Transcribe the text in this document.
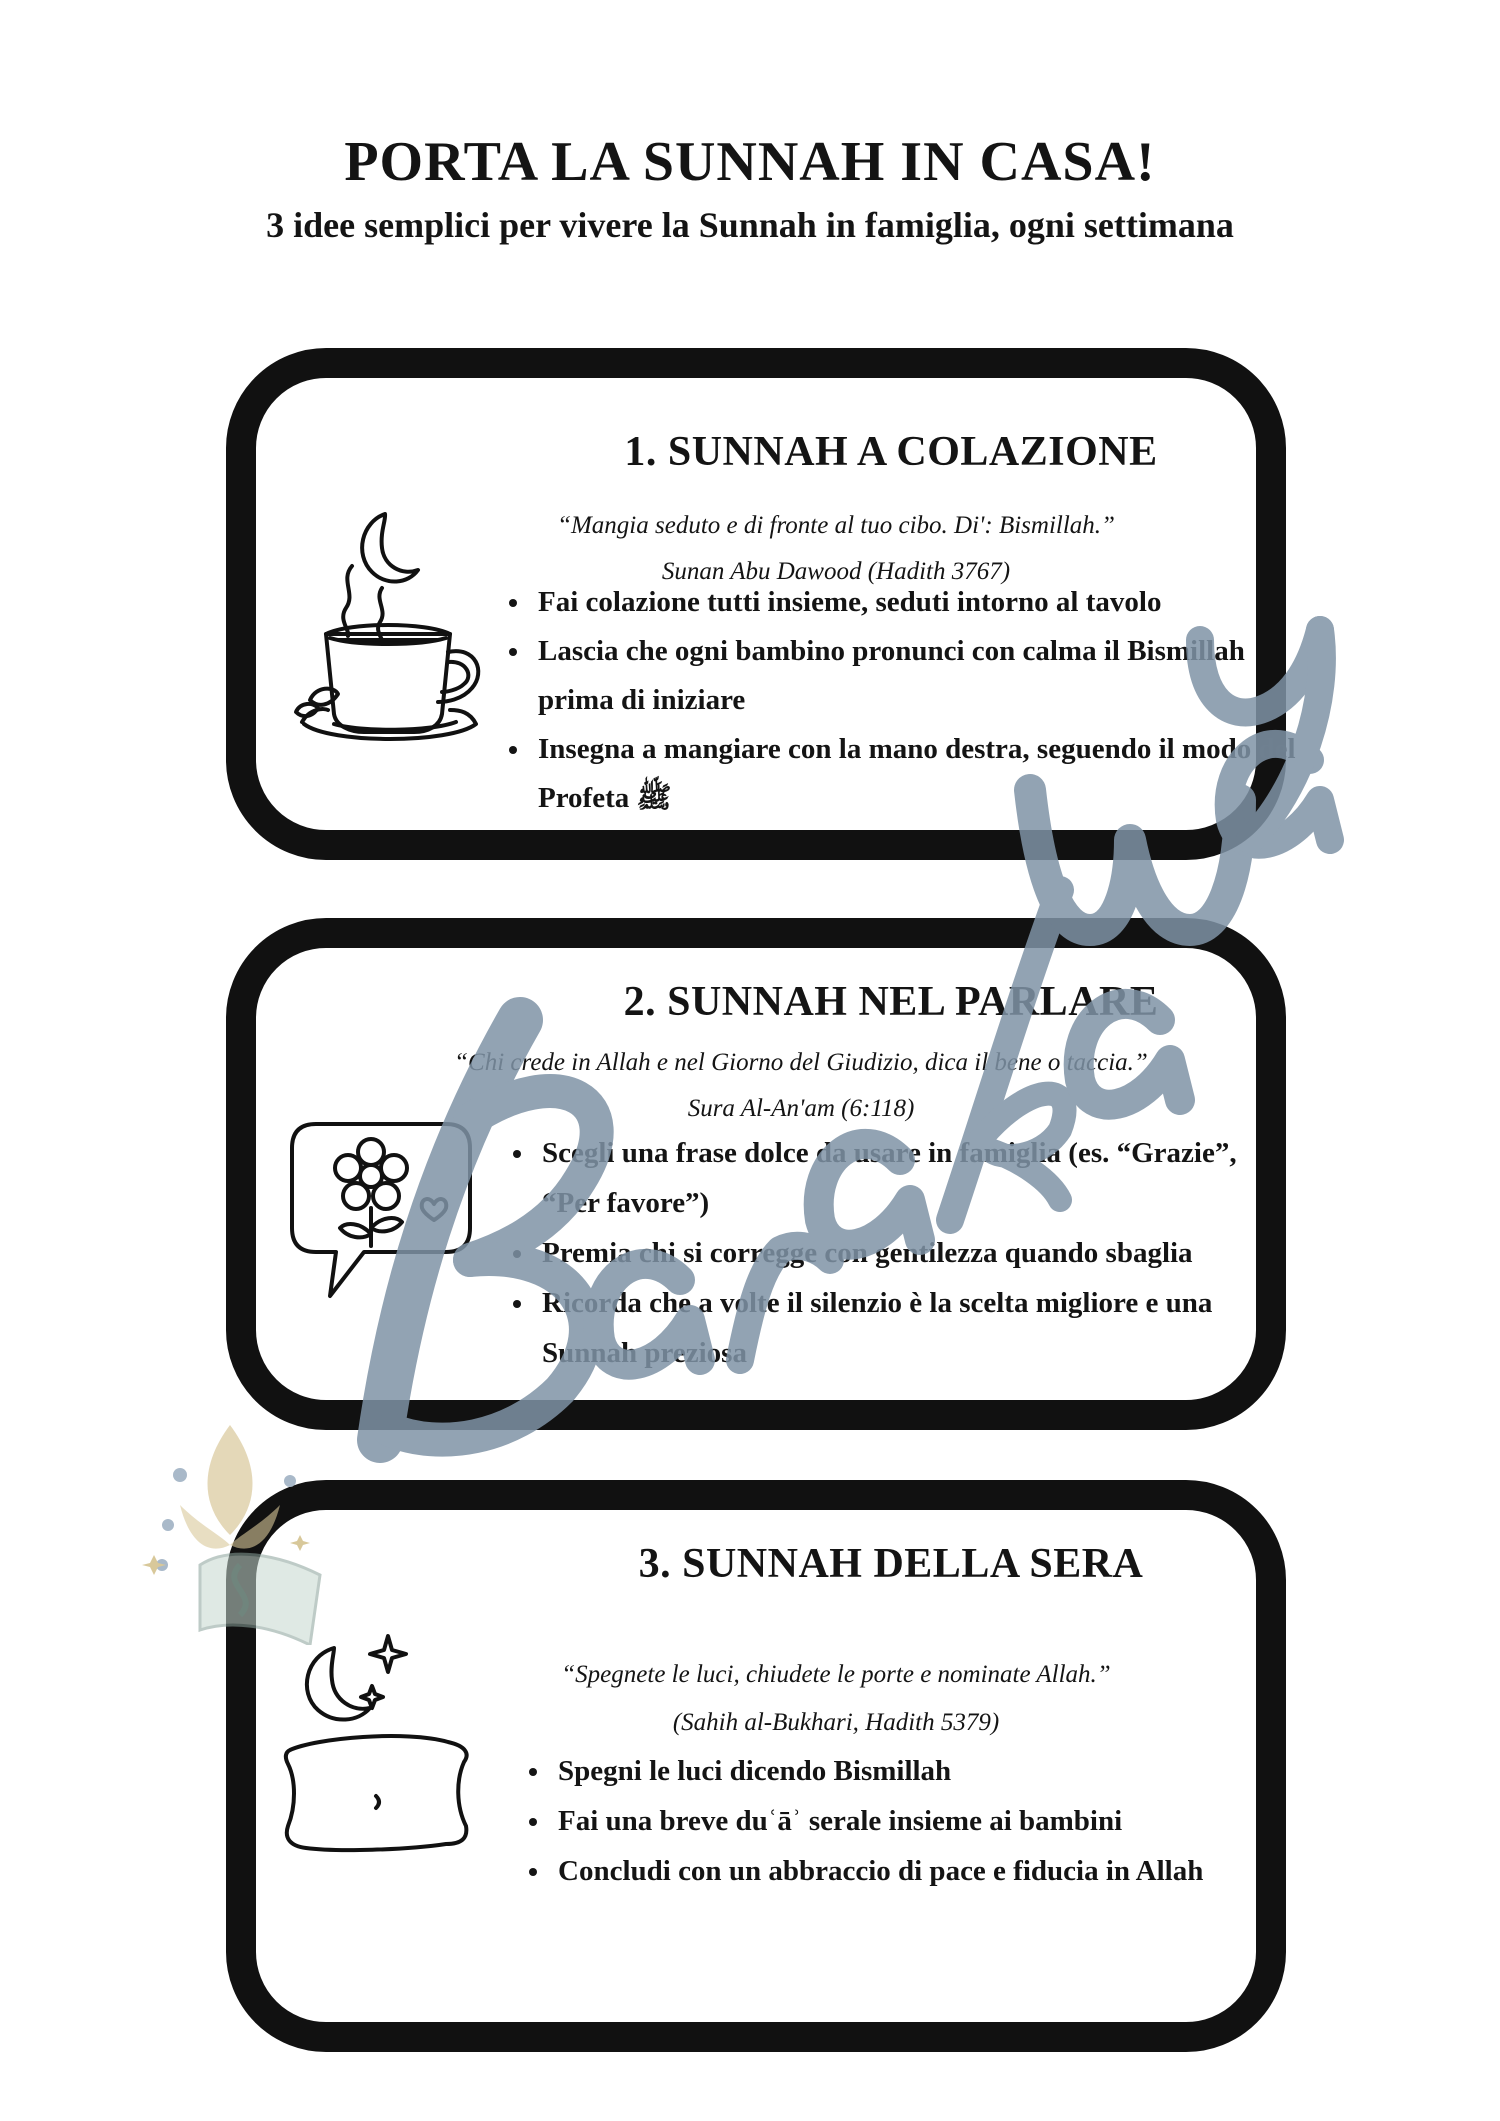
PORTA LA SUNNAH IN CASA!
3 idee semplici per vivere la Sunnah in famiglia, ogni settimana
1. SUNNAH A COLAZIONE
“Mangia seduto e di fronte al tuo cibo. Di': Bismillah.”
Sunan Abu Dawood (Hadith 3767)
• Fai colazione tutti insieme, seduti intorno al tavolo
• Lascia che ogni bambino pronunci con calma il Bismillah prima di iniziare
• Insegna a mangiare con la mano destra, seguendo il modo del Profeta ﷺ
2. SUNNAH NEL PARLARE
“Chi crede in Allah e nel Giorno del Giudizio, dica il bene o taccia.”
Sura Al-An'am (6:118)
• Scegli una frase dolce da usare in famiglia (es. “Grazie”, “Per favore”)
• Premia chi si corregge con gentilezza quando sbaglia
• Ricorda che a volte il silenzio è la scelta migliore e una Sunnah preziosa
3. SUNNAH DELLA SERA
“Spegnete le luci, chiudete le porte e nominate Allah.”
(Sahih al-Bukhari, Hadith 5379)
• Spegni le luci dicendo Bismillah
• Fai una breve duʿāʾ serale insieme ai bambini
• Concludi con un abbraccio di pace e fiducia in Allah
